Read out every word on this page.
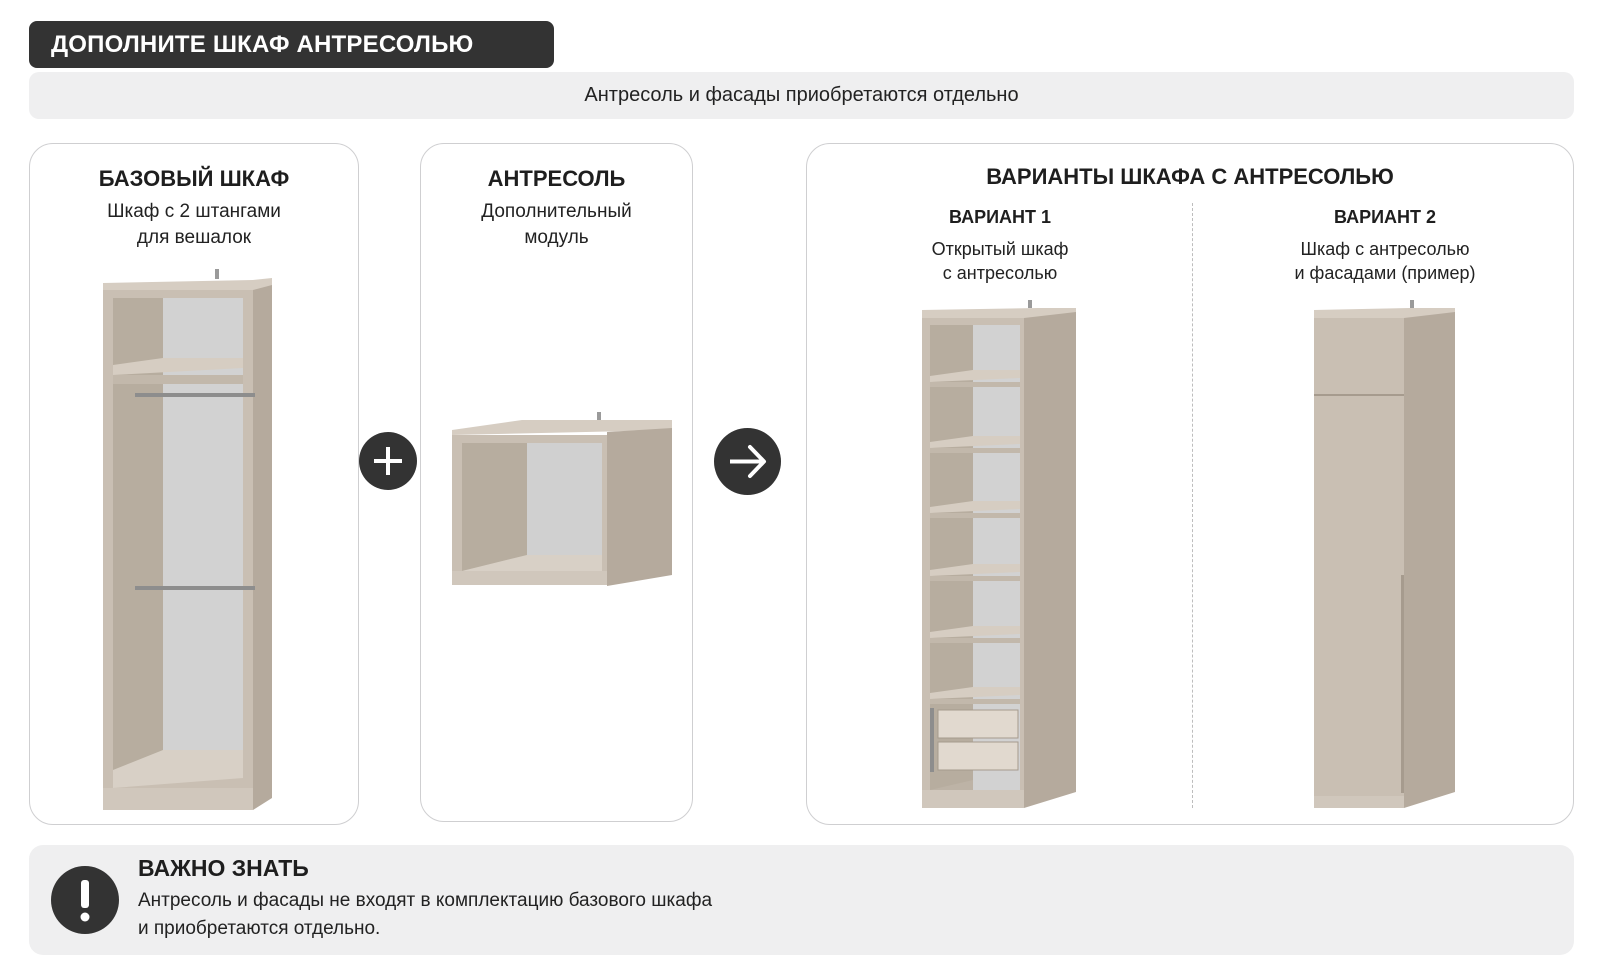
ДОПОЛНИТЕ ШКАФ АНТРЕСОЛЬЮ
Антресоль и фасады приобретаются отдельно
БАЗОВЫЙ ШКАФ
Шкаф с 2 штангами
для вешалок
АНТРЕСОЛЬ
Дополнительный
модуль
ВАРИАНТЫ ШКАФА С АНТРЕСОЛЬЮ
ВАРИАНТ 1
Открытый шкаф
с антресолью
ВАРИАНТ 2
Шкаф с антресолью
и фасадами (пример)
ВАЖНО ЗНАТЬ
Антресоль и фасады не входят в комплектацию базового шкафа
и приобретаются отдельно.
